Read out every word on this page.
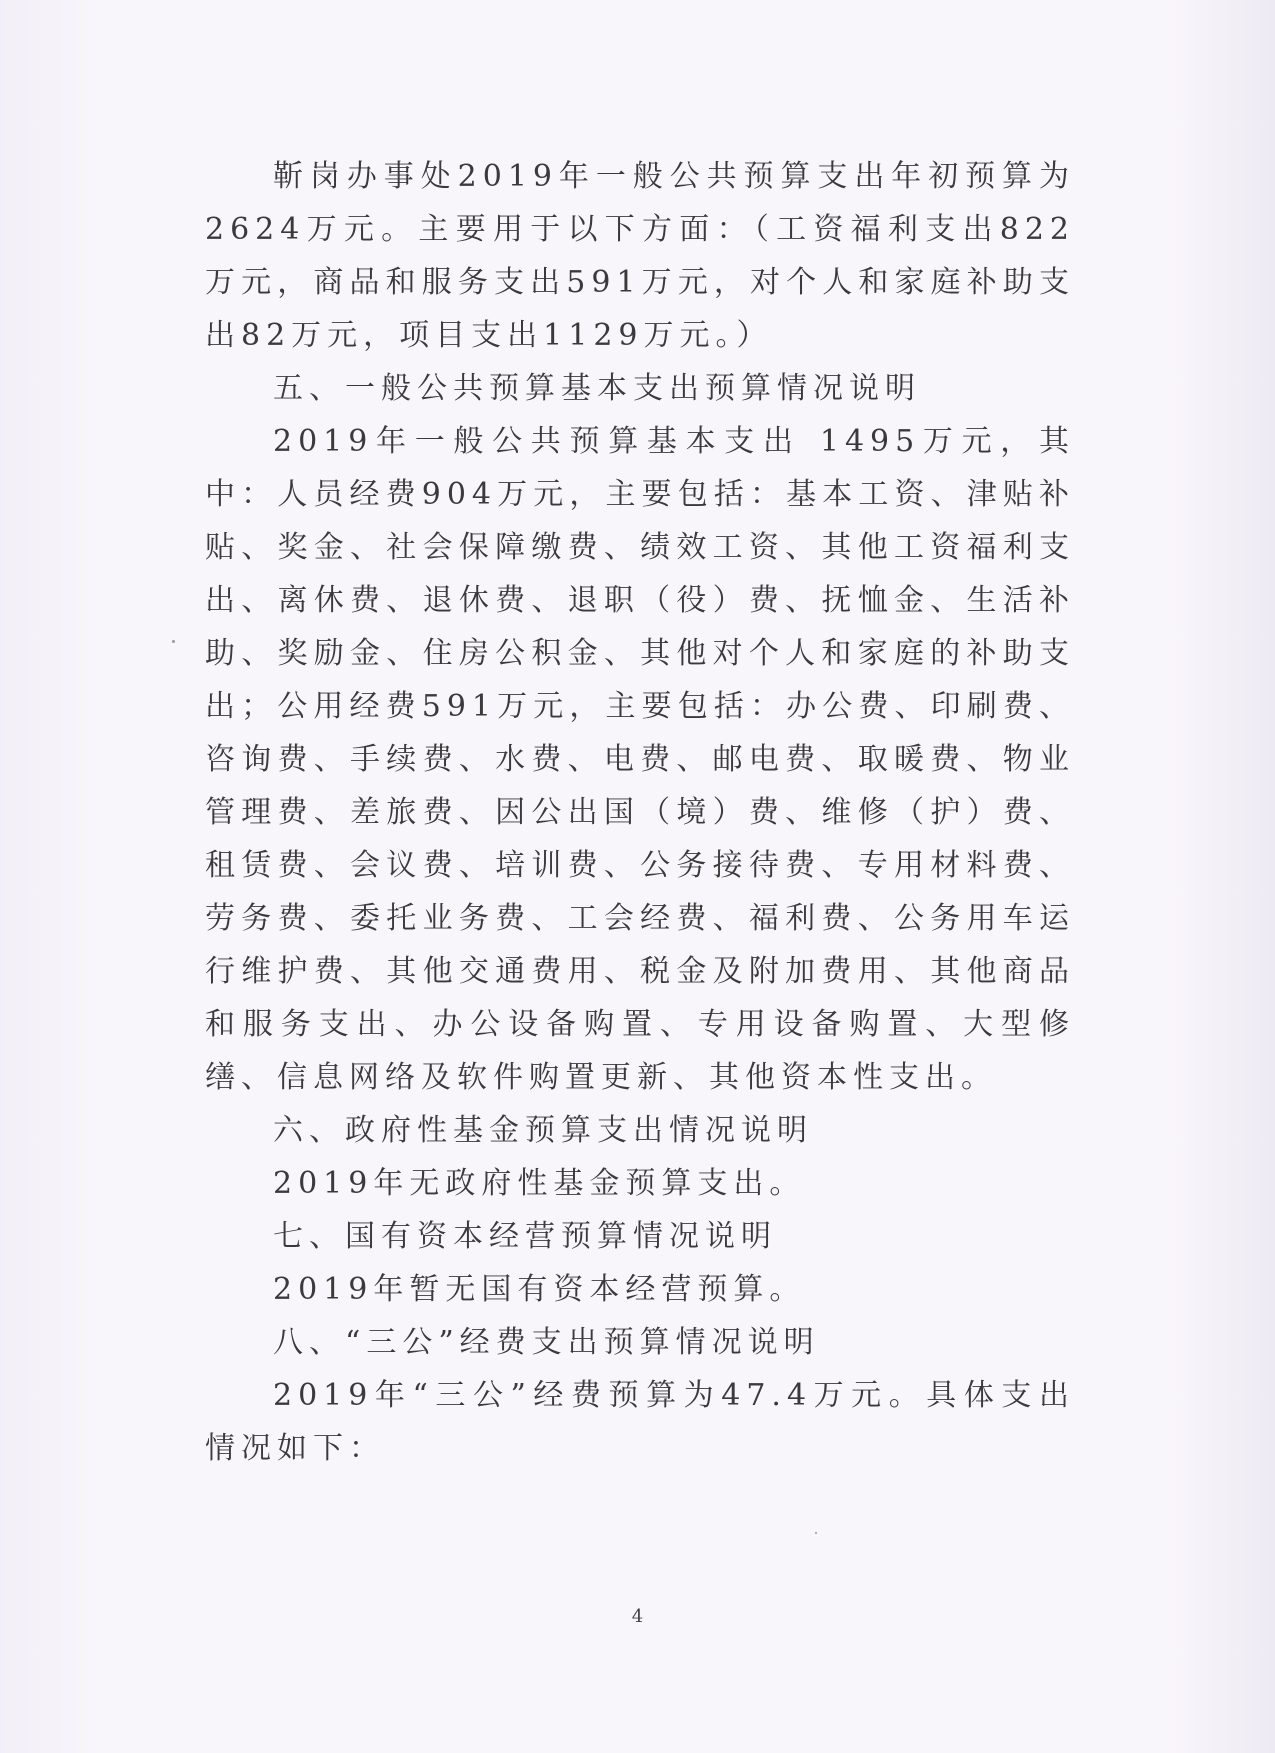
靳岗办事处2019年一般公共预算支出年初预算为 2624万元。主要用于以下方面：（工资福利支出822万元，商品和服务支出591万元，对个人和家庭补助支出82万元，项目支出1129万元。）

五、一般公共预算基本支出预算情况说明

2019年一般公共预算基本支出 1495万元，其中：人员经费904万元，主要包括：基本工资、津贴补贴、奖金、社会保障缴费、绩效工资、其他工资福利支出、离休费、退休费、退职（役）费、抚恤金、生活补助、奖励金、住房公积金、其他对个人和家庭的补助支出；公用经费591万元，主要包括：办公费、印刷费、咨询费、手续费、水费、电费、邮电费、取暖费、物业管理费、差旅费、因公出国（境）费、维修（护）费、租赁费、会议费、培训费、公务接待费、专用材料费、劳务费、委托业务费、工会经费、福利费、公务用车运行维护费、其他交通费用、税金及附加费用、其他商品和服务支出、办公设备购置、专用设备购置、大型修缮、信息网络及软件购置更新、其他资本性支出。

六、政府性基金预算支出情况说明

2019年无政府性基金预算支出。

七、国有资本经营预算情况说明

2019年暂无国有资本经营预算。

八、“三公”经费支出预算情况说明

2019年“三公”经费预算为47.4万元。具体支出情况如下：

4
